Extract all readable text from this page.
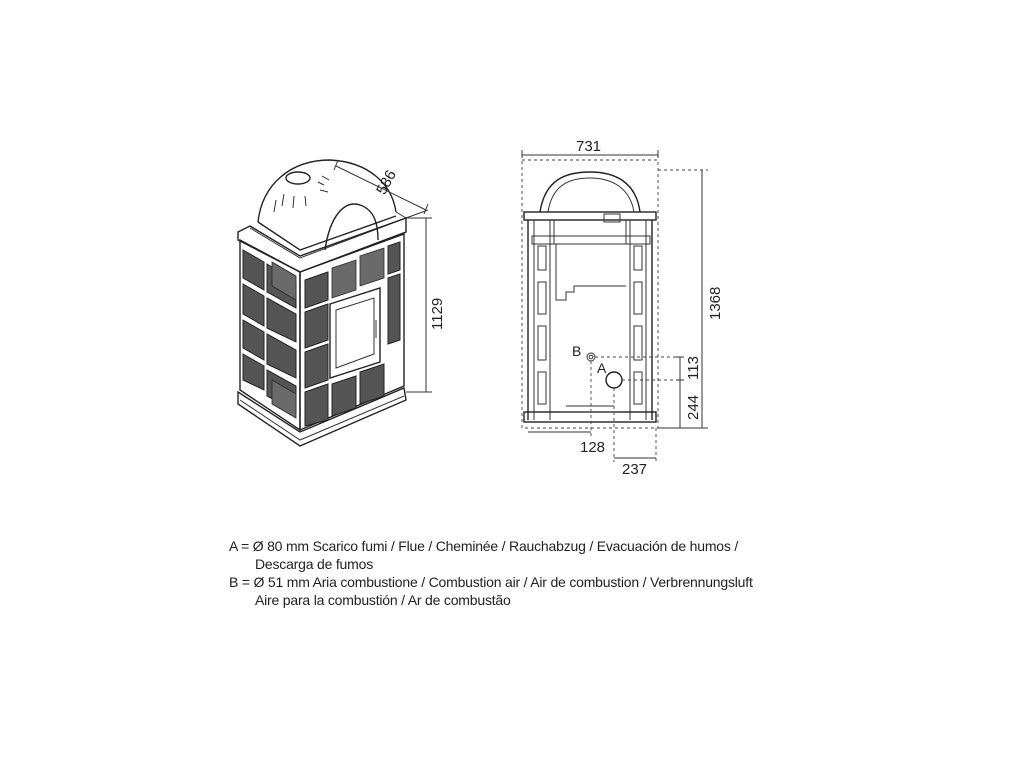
586
1129
B
A
731
1368
244
113
128
237
A = Ø 80 mm Scarico fumi / Flue / Cheminée / Rauchabzug / Evacuación de humos /
Descarga de fumos
B = Ø 51 mm Aria combustione / Combustion air / Air de combustion / Verbrennungsluft
Aire para la combustión / Ar de combustão
